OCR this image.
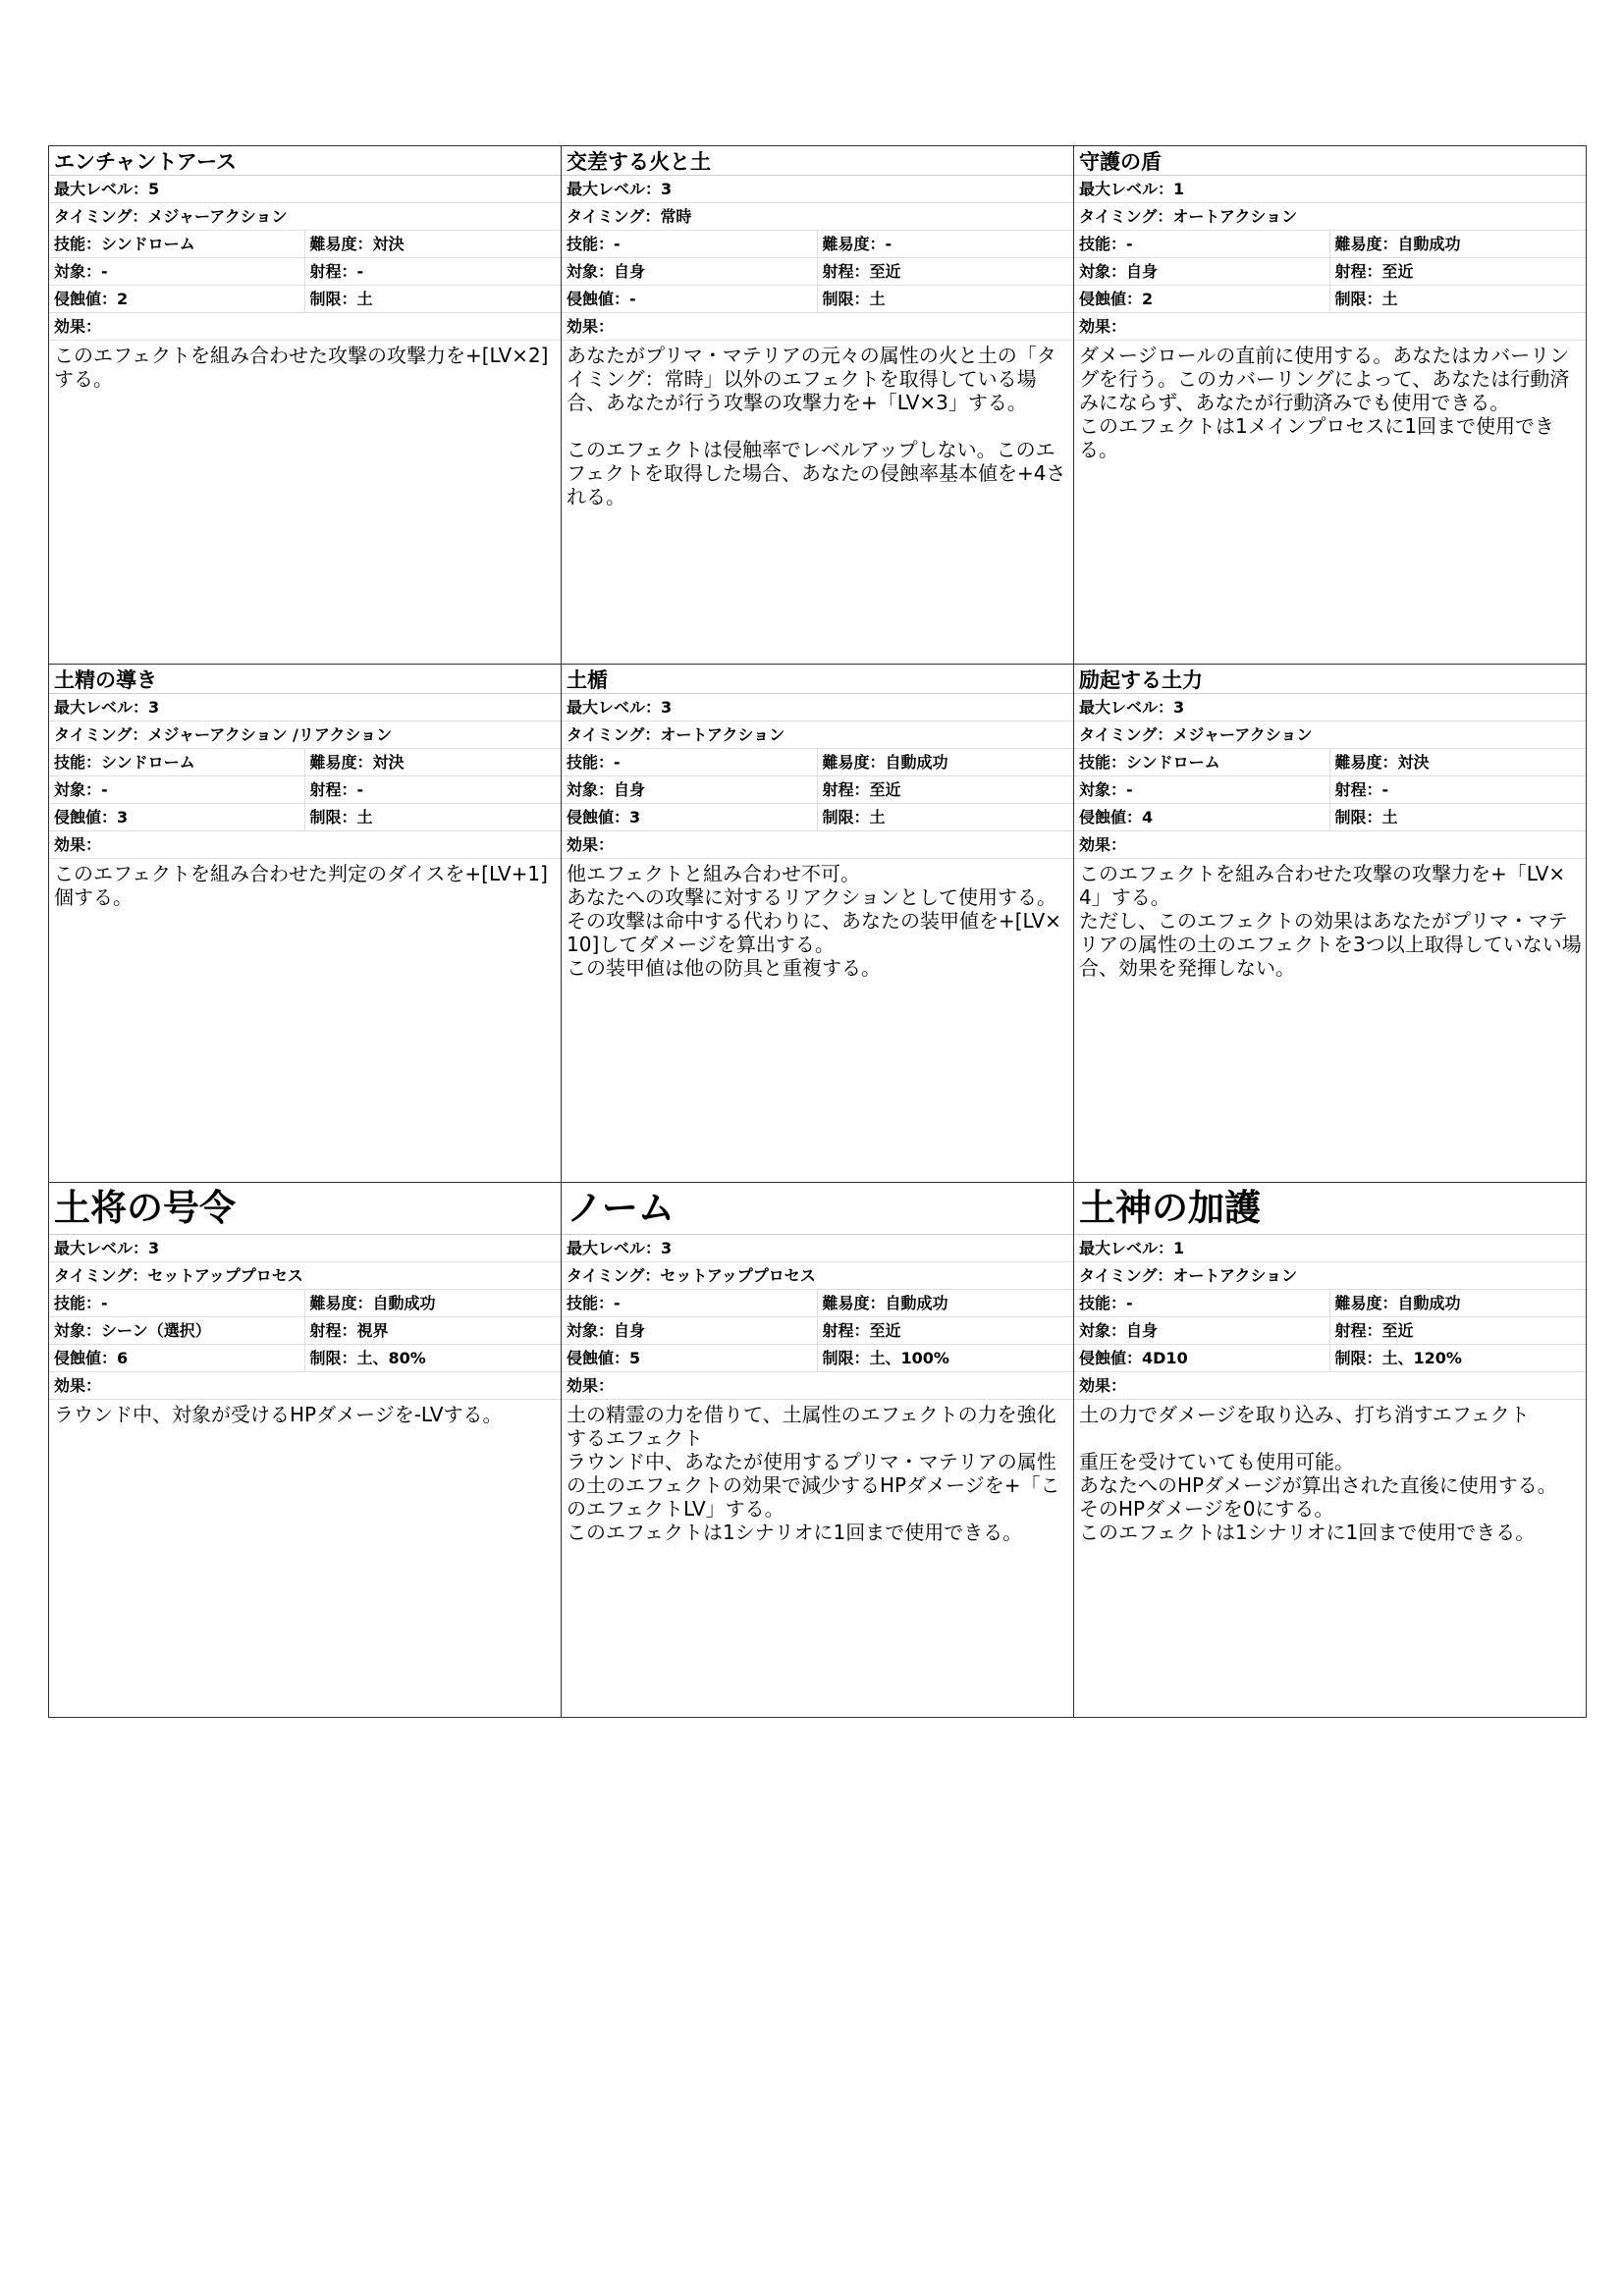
エンチャントアース
最大レベル：5
タイミング：メジャーアクション
技能：シンドローム	難易度：対決
対象：-	射程：-
侵蝕値：2	制限：土
効果：
このエフェクトを組み合わせた攻撃の攻撃力を+[LV×2]する。
交差する火と土
最大レベル：3
タイミング：常時
技能：-	難易度：-
対象：自身	射程：至近
侵蝕値：-	制限：土
効果：
あなたがプリマ・マテリアの元々の属性の火と土の「タイミング：常時」以外のエフェクトを取得している場合、あなたが行う攻撃の攻撃力を+「LV×3」する。

このエフェクトは侵触率でレベルアップしない。このエフェクトを取得した場合、あなたの侵蝕率基本値を+4される。
守護の盾
最大レベル：1
タイミング：オートアクション
技能：-	難易度：自動成功
対象：自身	射程：至近
侵蝕値：2	制限：土
効果：
ダメージロールの直前に使用する。あなたはカバーリングを行う。このカバーリングによって、あなたは行動済みにならず、あなたが行動済みでも使用できる。
このエフェクトは1メインプロセスに1回まで使用できる。
土精の導き
最大レベル：3
タイミング：メジャーアクション /リアクション
技能：シンドローム	難易度：対決
対象：-	射程：-
侵蝕値：3	制限：土
効果：
このエフェクトを組み合わせた判定のダイスを+[LV+1]個する。
土楯
最大レベル：3
タイミング：オートアクション
技能：-	難易度：自動成功
対象：自身	射程：至近
侵蝕値：3	制限：土
効果：
他エフェクトと組み合わせ不可。
あなたへの攻撃に対するリアクションとして使用する。
その攻撃は命中する代わりに、あなたの装甲値を+[LV×10]してダメージを算出する。
この装甲値は他の防具と重複する。
励起する土力
最大レベル：3
タイミング：メジャーアクション
技能：シンドローム	難易度：対決
対象：-	射程：-
侵蝕値：4	制限：土
効果：
このエフェクトを組み合わせた攻撃の攻撃力を+「LV×4」する。
ただし、このエフェクトの効果はあなたがプリマ・マテリアの属性の土のエフェクトを3つ以上取得していない場合、効果を発揮しない。
土将の号令
最大レベル：3
タイミング：セットアッププロセス
技能：-	難易度：自動成功
対象：シーン（選択）	射程：視界
侵蝕値：6	制限：土、80%
効果：
ラウンド中、対象が受けるHPダメージを-LVする。
ノーム
最大レベル：3
タイミング：セットアッププロセス
技能：-	難易度：自動成功
対象：自身	射程：至近
侵蝕値：5	制限：土、100%
効果：
土の精霊の力を借りて、土属性のエフェクトの力を強化するエフェクト
ラウンド中、あなたが使用するプリマ・マテリアの属性の土のエフェクトの効果で減少するHPダメージを+「このエフェクトLV」する。
このエフェクトは1シナリオに1回まで使用できる。
土神の加護
最大レベル：1
タイミング：オートアクション
技能：-	難易度：自動成功
対象：自身	射程：至近
侵蝕値：4D10	制限：土、120%
効果：
土の力でダメージを取り込み、打ち消すエフェクト

重圧を受けていても使用可能。
あなたへのHPダメージが算出された直後に使用する。
そのHPダメージを0にする。
このエフェクトは1シナリオに1回まで使用できる。
